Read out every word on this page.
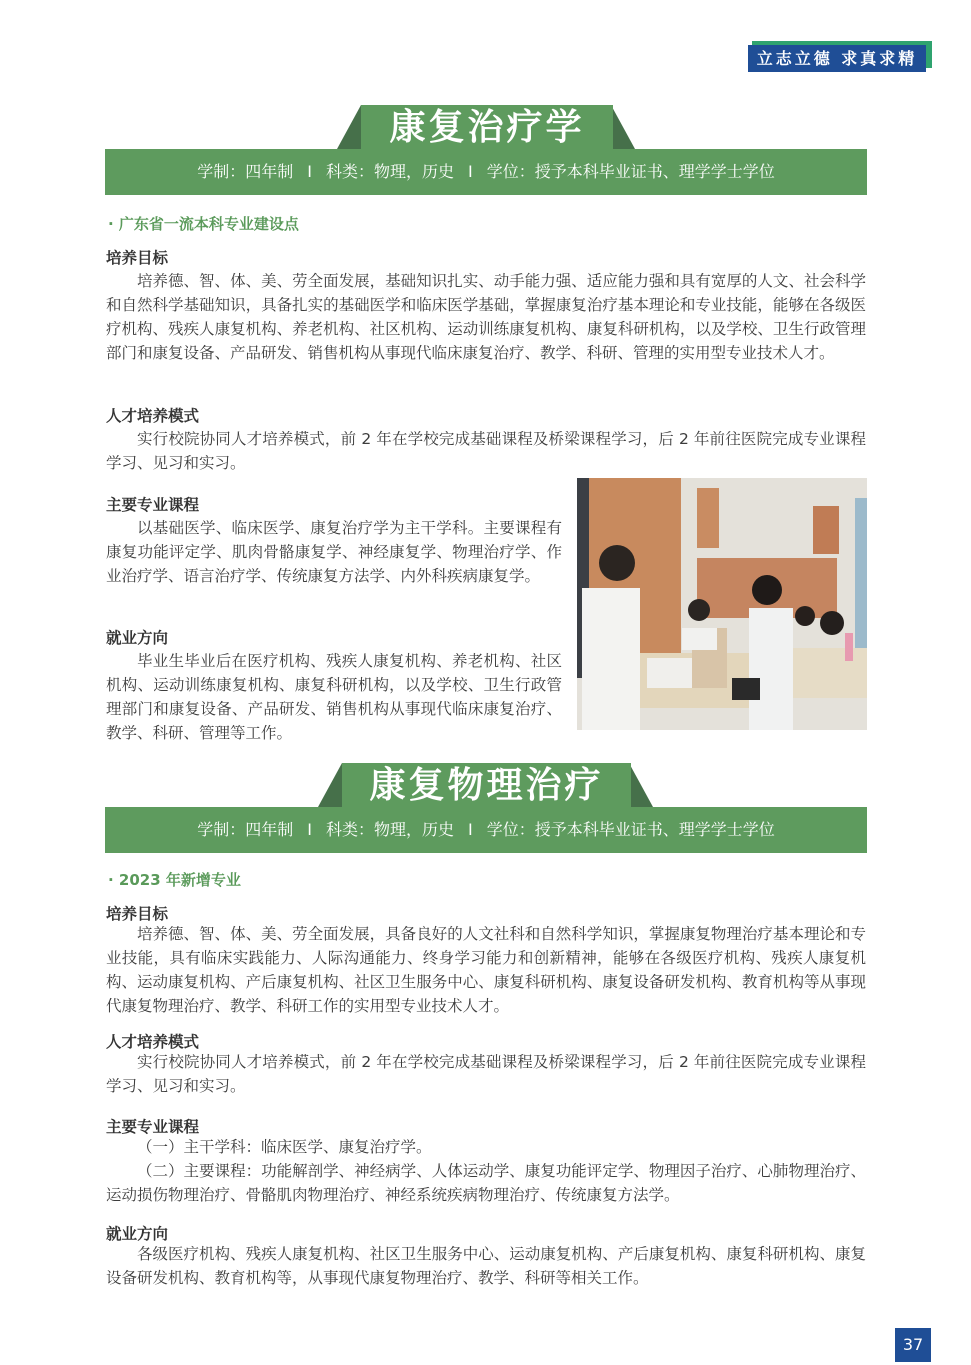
立志立德 求真求精
康复治疗学
学制：四年制 I 科类：物理，历史 I 学位：授予本科毕业证书、理学学士学位
· 广东省一流本科专业建设点
培养目标
培养德、智、体、美、劳全面发展，基础知识扎实、动手能力强、适应能力强和具有宽厚的人文、社会科学和自然科学基础知识，具备扎实的基础医学和临床医学基础，掌握康复治疗基本理论和专业技能，能够在各级医疗机构、残疾人康复机构、养老机构、社区机构、运动训练康复机构、康复科研机构，以及学校、卫生行政管理部门和康复设备、产品研发、销售机构从事现代临床康复治疗、教学、科研、管理的实用型专业技术人才。
人才培养模式
实行校院协同人才培养模式，前 2 年在学校完成基础课程及桥梁课程学习，后 2 年前往医院完成专业课程学习、见习和实习。
主要专业课程
以基础医学、临床医学、康复治疗学为主干学科。主要课程有康复功能评定学、肌肉骨骼康复学、神经康复学、物理治疗学、作业治疗学、语言治疗学、传统康复方法学、内外科疾病康复学。
就业方向
毕业生毕业后在医疗机构、残疾人康复机构、养老机构、社区机构、运动训练康复机构、康复科研机构，以及学校、卫生行政管理部门和康复设备、产品研发、销售机构从事现代临床康复治疗、教学、科研、管理等工作。
康复物理治疗
学制：四年制 I 科类：物理，历史 I 学位：授予本科毕业证书、理学学士学位
· 2023 年新增专业
培养目标
培养德、智、体、美、劳全面发展，具备良好的人文社科和自然科学知识，掌握康复物理治疗基本理论和专业技能，具有临床实践能力、人际沟通能力、终身学习能力和创新精神，能够在各级医疗机构、残疾人康复机构、运动康复机构、产后康复机构、社区卫生服务中心、康复科研机构、康复设备研发机构、教育机构等从事现代康复物理治疗、教学、科研工作的实用型专业技术人才。
人才培养模式
实行校院协同人才培养模式，前 2 年在学校完成基础课程及桥梁课程学习，后 2 年前往医院完成专业课程学习、见习和实习。
主要专业课程
（一）主干学科：临床医学、康复治疗学。
（二）主要课程：功能解剖学、神经病学、人体运动学、康复功能评定学、物理因子治疗、心肺物理治疗、运动损伤物理治疗、骨骼肌肉物理治疗、神经系统疾病物理治疗、传统康复方法学。
就业方向
各级医疗机构、残疾人康复机构、社区卫生服务中心、运动康复机构、产后康复机构、康复科研机构、康复设备研发机构、教育机构等，从事现代康复物理治疗、教学、科研等相关工作。
37
